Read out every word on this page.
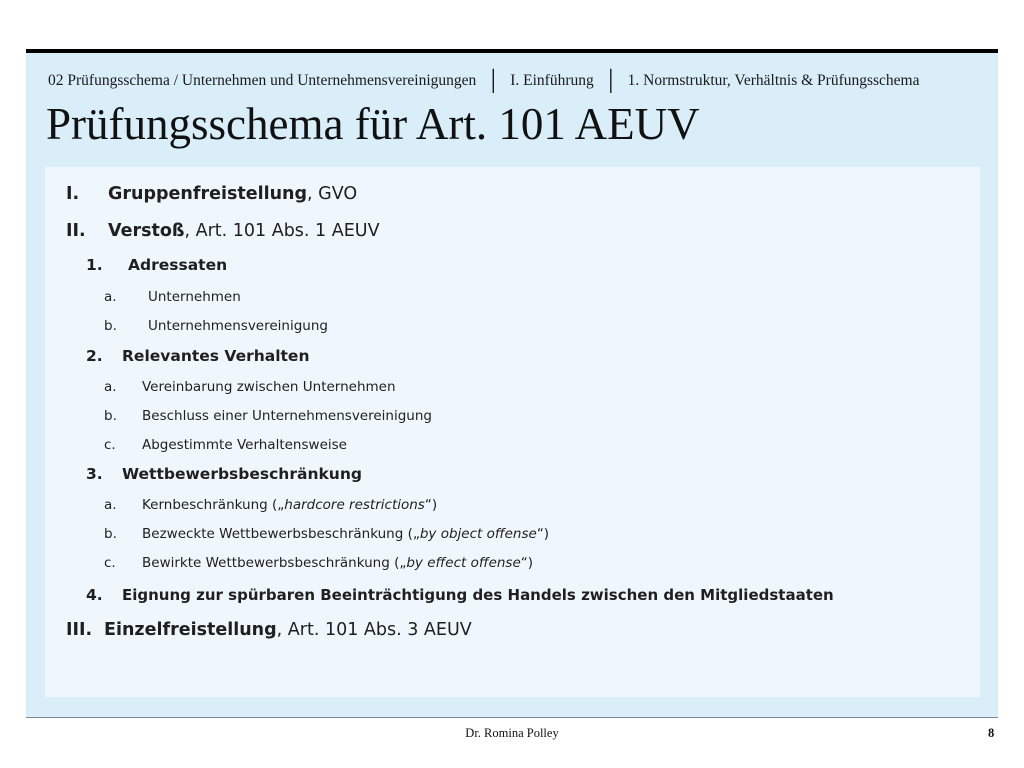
02 Prüfungsschema / Unternehmen und Unternehmensvereinigungen │ I. Einführung │ 1. Normstruktur, Verhältnis & Prüfungsschema
Prüfungsschema für Art. 101 AEUV
I. Gruppenfreistellung, GVO
II. Verstoß, Art. 101 Abs. 1 AEUV
1. Adressaten
a. Unternehmen
b. Unternehmensvereinigung
2. Relevantes Verhalten
a. Vereinbarung zwischen Unternehmen
b. Beschluss einer Unternehmensvereinigung
c. Abgestimmte Verhaltensweise
3. Wettbewerbsbeschränkung
a. Kernbeschränkung („hardcore restrictions“)
b. Bezweckte Wettbewerbsbeschränkung („by object offense“)
c. Bewirkte Wettbewerbsbeschränkung („by effect offense“)
4. Eignung zur spürbaren Beeinträchtigung des Handels zwischen den Mitgliedstaaten
III. Einzelfreistellung, Art. 101 Abs. 3 AEUV
Dr. Romina Polley	8
